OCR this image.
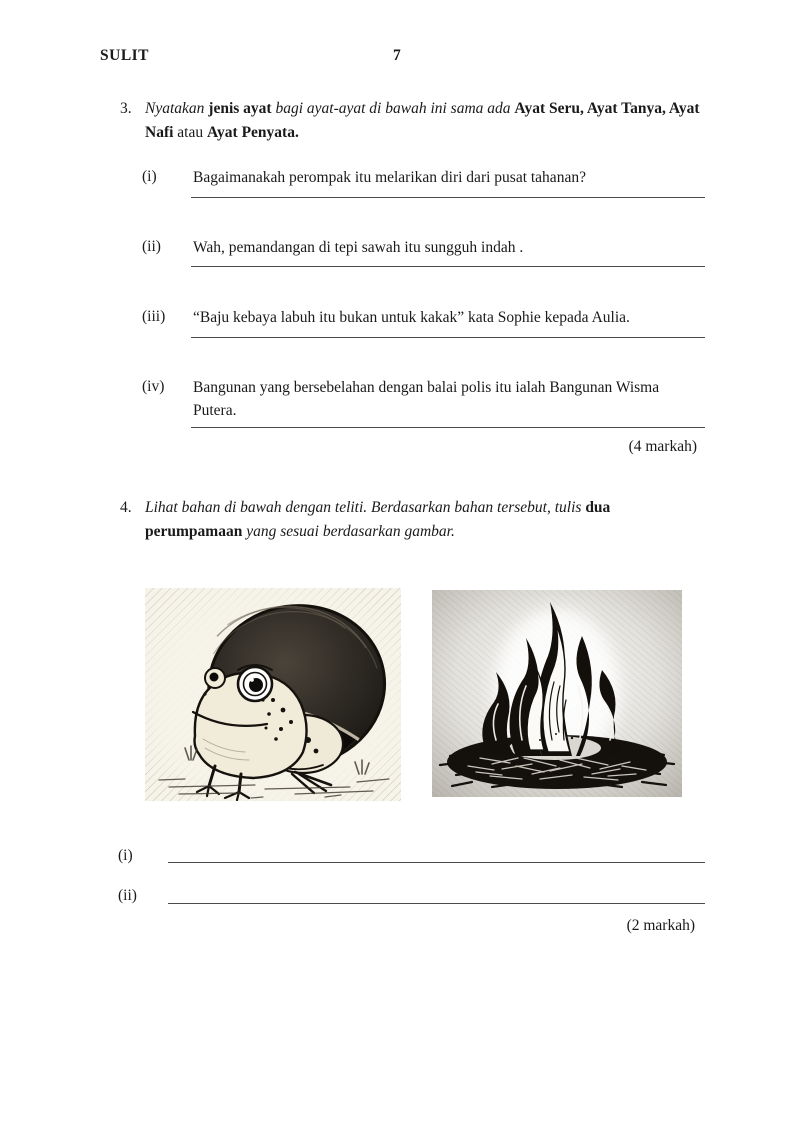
SULIT	7
3. Nyatakan jenis ayat bagi ayat-ayat di bawah ini sama ada Ayat Seru, Ayat Tanya, Ayat Nafi atau Ayat Penyata.
(i) Bagaimanakah perompak itu melarikan diri dari pusat tahanan?
(ii) Wah, pemandangan di tepi sawah itu sungguh indah .
(iii) “Baju kebaya labuh itu bukan untuk kakak” kata Sophie kepada Aulia.
(iv) Bangunan yang bersebelahan dengan balai polis itu ialah Bangunan Wisma Putera.
(4 markah)
4. Lihat bahan di bawah dengan teliti. Berdasarkan bahan tersebut, tulis dua perumpamaan yang sesuai berdasarkan gambar.
(i)
(ii)
(2 markah)
